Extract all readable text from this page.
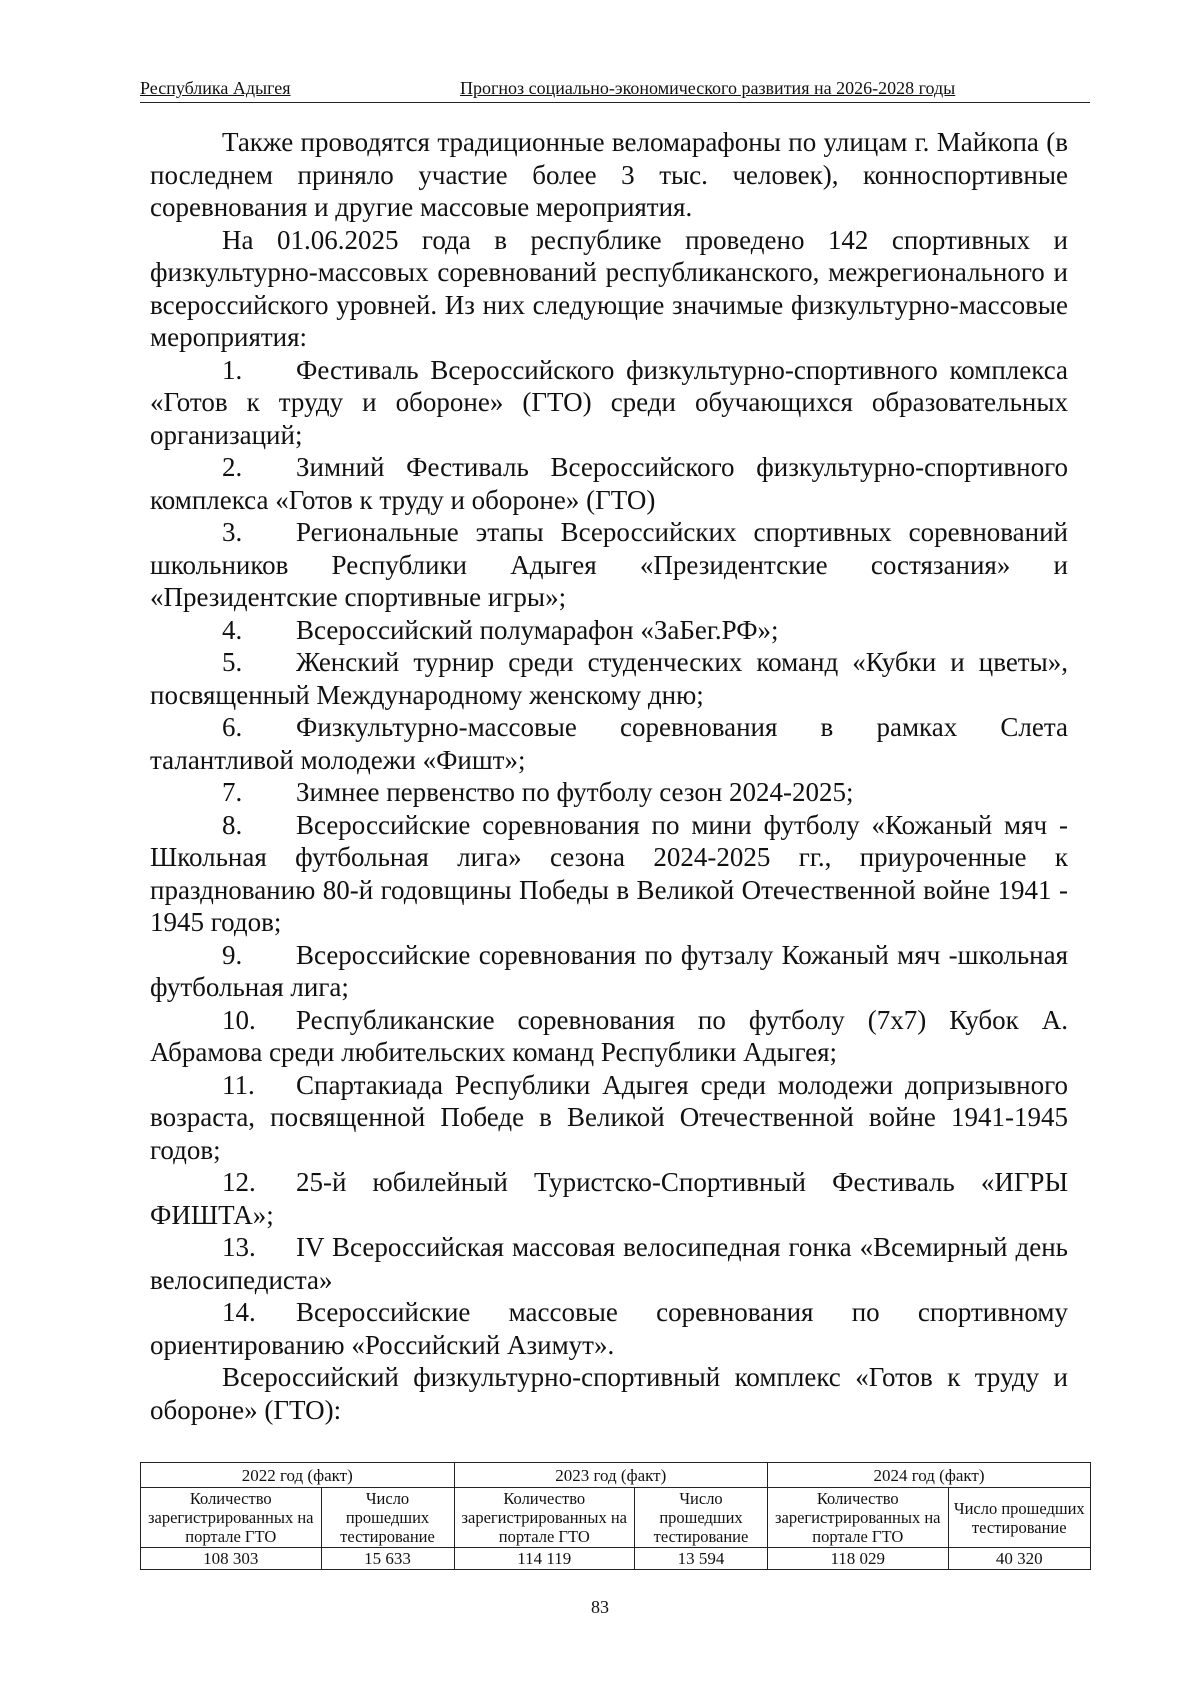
Республика Адыгея	Прогноз социально-экономического развития на 2026-2028 годы

Также проводятся традиционные веломарафоны по улицам г. Майкопа (в последнем приняло участие более 3 тыс. человек), конноспортивные соревнования и другие массовые мероприятия.

На 01.06.2025 года в республике проведено 142 спортивных и физкультурно-массовых соревнований республиканского, межрегионального и всероссийского уровней. Из них следующие значимые физкультурно-массовые мероприятия:

1. Фестиваль Всероссийского физкультурно-спортивного комплекса «Готов к труду и обороне» (ГТО) среди обучающихся образовательных организаций;
2. Зимний Фестиваль Всероссийского физкультурно-спортивного комплекса «Готов к труду и обороне» (ГТО)
3. Региональные этапы Всероссийских спортивных соревнований школьников Республики Адыгея «Президентские состязания» и «Президентские спортивные игры»;
4. Всероссийский полумарафон «ЗаБег.РФ»;
5. Женский турнир среди студенческих команд «Кубки и цветы», посвященный Международному женскому дню;
6. Физкультурно-массовые соревнования в рамках Слета талантливой молодежи «Фишт»;
7. Зимнее первенство по футболу сезон 2024-2025;
8. Всероссийские соревнования по мини футболу «Кожаный мяч - Школьная футбольная лига» сезона 2024-2025 гг., приуроченные к празднованию 80-й годовщины Победы в Великой Отечественной войне 1941 - 1945 годов;
9. Всероссийские соревнования по футзалу Кожаный мяч -школьная футбольная лига;
10. Республиканские соревнования по футболу (7х7) Кубок А. Абрамова среди любительских команд Республики Адыгея;
11. Спартакиада Республики Адыгея среди молодежи допризывного возраста, посвященной Победе в Великой Отечественной войне 1941-1945 годов;
12. 25-й юбилейный Туристско-Спортивный Фестиваль «ИГРЫ ФИШТА»;
13. IV Всероссийская массовая велосипедная гонка «Всемирный день велосипедиста»
14. Всероссийские массовые соревнования по спортивному ориентированию «Российский Азимут».

Всероссийский физкультурно-спортивный комплекс «Готов к труду и обороне» (ГТО):

2022 год (факт)		2023 год (факт)		2024 год (факт)	
Количество зарегистрированных на портале ГТО	Число прошедших тестирование	Количество зарегистрированных на портале ГТО	Число прошедших тестирование	Количество зарегистрированных на портале ГТО	Число прошедших тестирование
108 303	15 633	114 119	13 594	118 029	40 320
83
